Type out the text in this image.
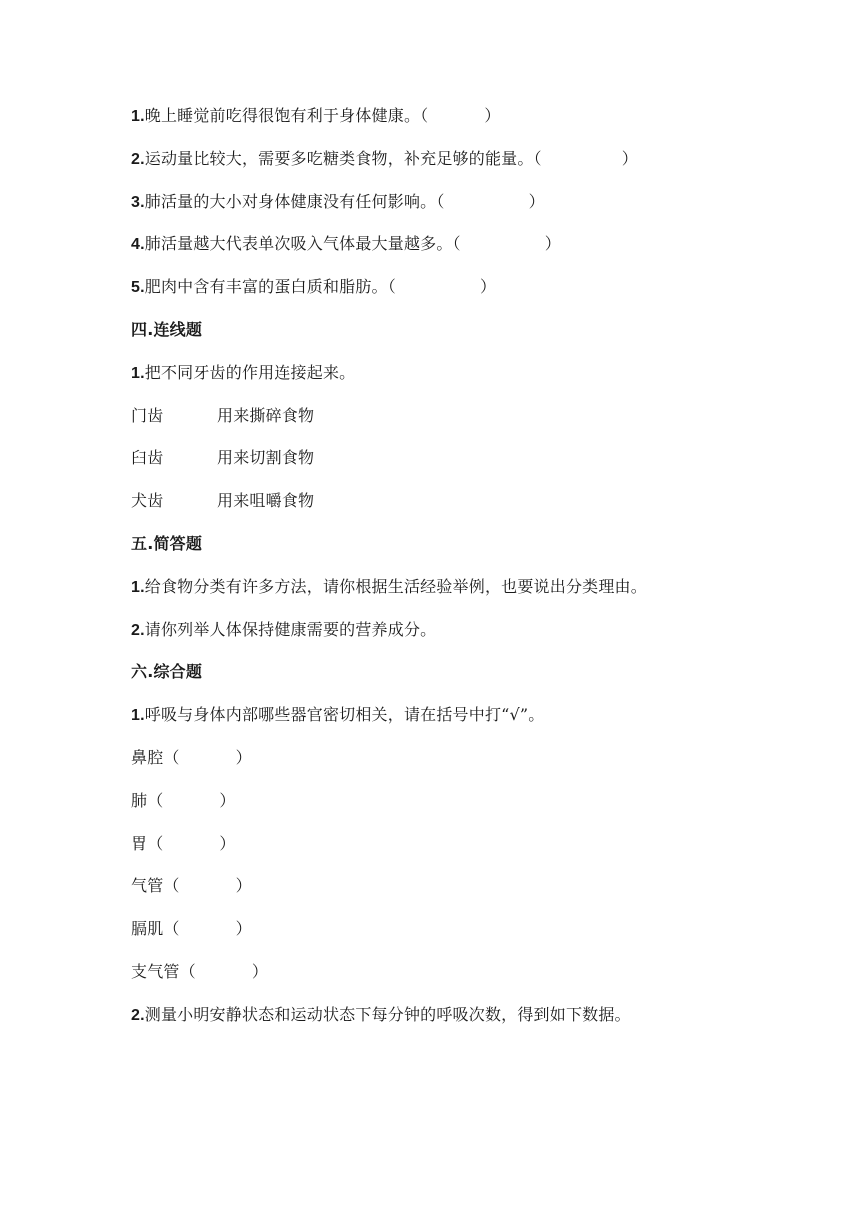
1.晚上睡觉前吃得很饱有利于身体健康。（	）
2.运动量比较大，需要多吃糖类食物，补充足够的能量。（	）
3.肺活量的大小对身体健康没有任何影响。（	）
4.肺活量越大代表单次吸入气体最大量越多。（	）
5.肥肉中含有丰富的蛋白质和脂肪。（	）
四.连线题
1.把不同牙齿的作用连接起来。
门齿	用来撕碎食物
臼齿	用来切割食物
犬齿	用来咀嚼食物
五.简答题
1.给食物分类有许多方法，请你根据生活经验举例，也要说出分类理由。
2.请你列举人体保持健康需要的营养成分。
六.综合题
1.呼吸与身体内部哪些器官密切相关，请在括号中打“√”。
鼻腔（	）
肺（	）
胃（	）
气管（	）
膈肌（	）
支气管（	）
2.测量小明安静状态和运动状态下每分钟的呼吸次数，得到如下数据。
